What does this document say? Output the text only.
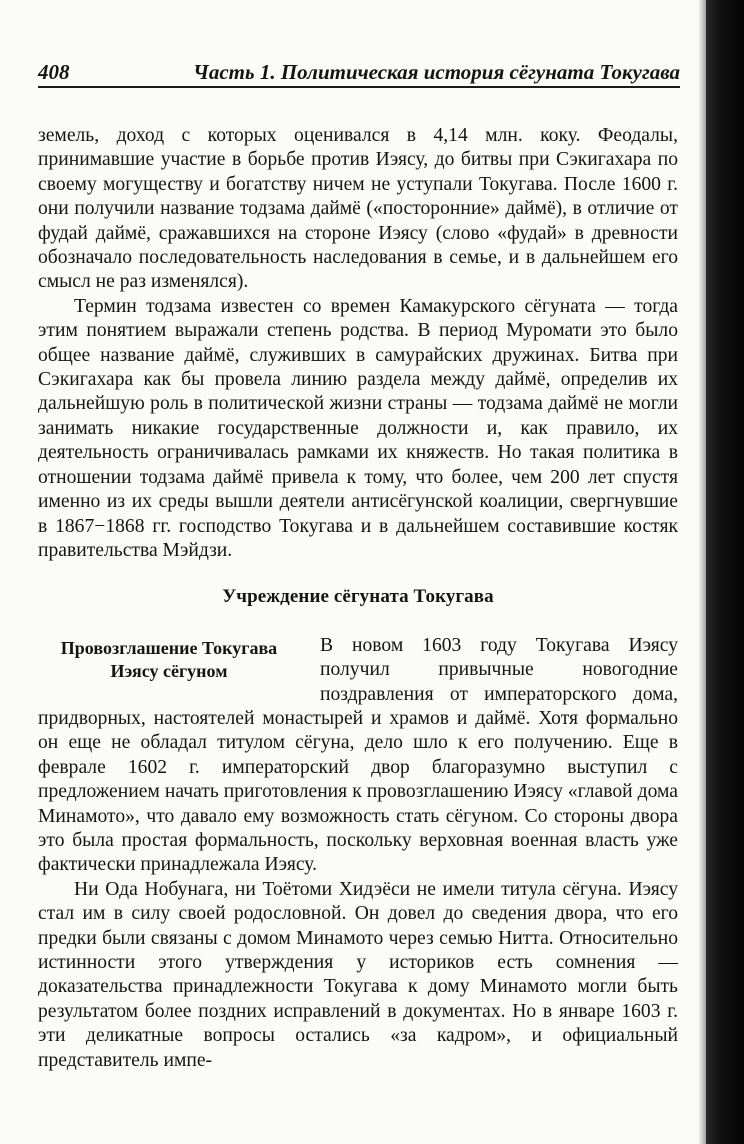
408	Часть 1. Политическая история сёгуната Токугава

земель, доход с которых оценивался в 4,14 млн. коку. Феодалы, принимавшие участие в борьбе против Иэясу, до битвы при Сэкигахара по своему могуществу и богатству ничем не уступали Токугава. После 1600 г. они получили название тодзама даймё («посторонние» даймё), в отличие от фудай даймё, сражавшихся на стороне Иэясу (слово «фудай» в древности обозначало последовательность наследования в семье, и в дальнейшем его смысл не раз изменялся).

Термин тодзама известен со времен Камакурского сёгуната — тогда этим понятием выражали степень родства. В период Муромати это было общее название даймё, служивших в самурайских дружинах. Битва при Сэкигахара как бы провела линию раздела между даймё, определив их дальнейшую роль в политической жизни страны — тодзама даймё не могли занимать никакие государственные должности и, как правило, их деятельность ограничивалась рамками их княжеств. Но такая политика в отношении тодзама даймё привела к тому, что более, чем 200 лет спустя именно из их среды вышли деятели антисёгунской коалиции, свергнувшие в 1867−1868 гг. господство Токугава и в дальнейшем составившие костяк правительства Мэйдзи.

Учреждение сёгуната Токугава
Провозглашение Токугава Иэясу сёгуном

В новом 1603 году Токугава Иэясу получил привычные новогодние поздравления от императорского дома, придворных, настоятелей монастырей и храмов и даймё. Хотя формально он еще не обладал титулом сёгуна, дело шло к его получению. Еще в феврале 1602 г. императорский двор благоразумно выступил с предложением начать приготовления к провозглашению Иэясу «главой дома Минамото», что давало ему возможность стать сёгуном. Со стороны двора это была простая формальность, поскольку верховная военная власть уже фактически принадлежала Иэясу.

Ни Ода Нобунага, ни Тоётоми Хидэёси не имели титула сёгуна. Иэясу стал им в силу своей родословной. Он довел до сведения двора, что его предки были связаны с домом Минамото через семью Нитта. Относительно истинности этого утверждения у историков есть сомнения — доказательства принадлежности Токугава к дому Минамото могли быть результатом более поздних исправлений в документах. Но в январе 1603 г. эти деликатные вопросы остались «за кадром», и официальный представитель импе-
